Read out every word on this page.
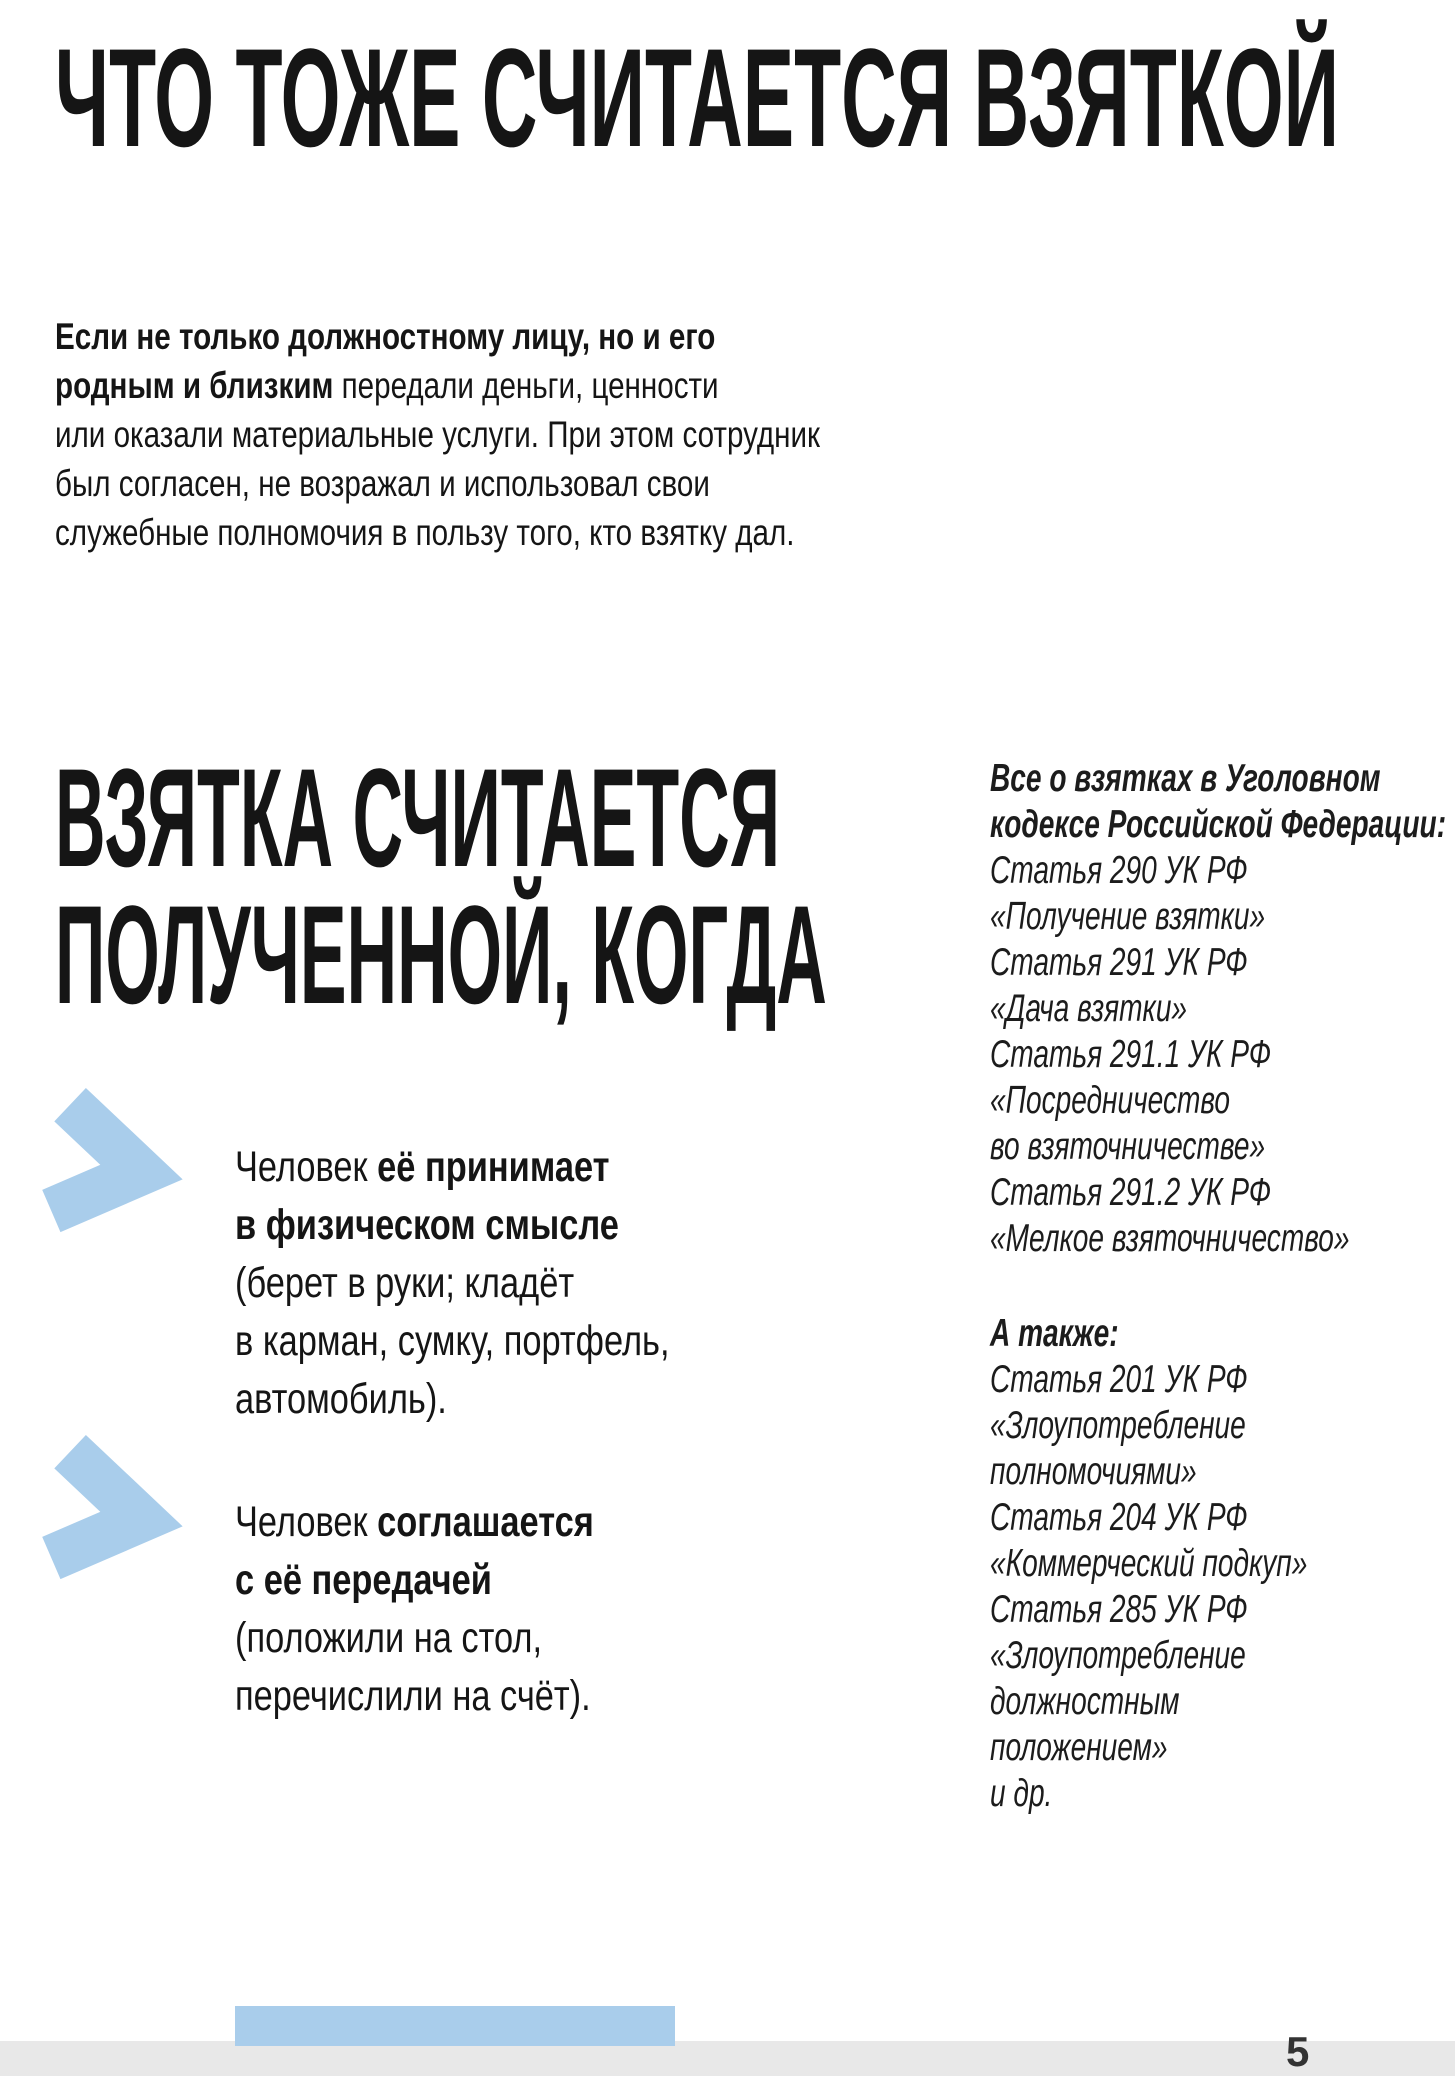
ЧТО ТОЖЕ СЧИТАЕТСЯ ВЗЯТКОЙ
Если не только должностному лицу, но и его
родным и близким передали деньги, ценности
или оказали материальные услуги. При этом сотрудник
был согласен, не возражал и использовал свои
служебные полномочия в пользу того, кто взятку дал.
ВЗЯТКА СЧИТАЕТСЯ
ПОЛУЧЕННОЙ, КОГДА
Человек её принимает
в физическом смысле
(берет в руки; кладёт
в карман, сумку, портфель,
автомобиль).
Человек соглашается
с её передачей
(положили на стол,
перечислили на счёт).
Все о взятках в Уголовном
кодексе Российской Федерации:
Статья 290 УК РФ
«Получение взятки»
Статья 291 УК РФ
«Дача взятки»
Статья 291.1 УК РФ
«Посредничество
во взяточничестве»
Статья 291.2 УК РФ
«Мелкое взяточничество»
А также:
Статья 201 УК РФ
«Злоупотребление
полномочиями»
Статья 204 УК РФ
«Коммерческий подкуп»
Статья 285 УК РФ
«Злоупотребление
должностным
положением»
и др.
5
